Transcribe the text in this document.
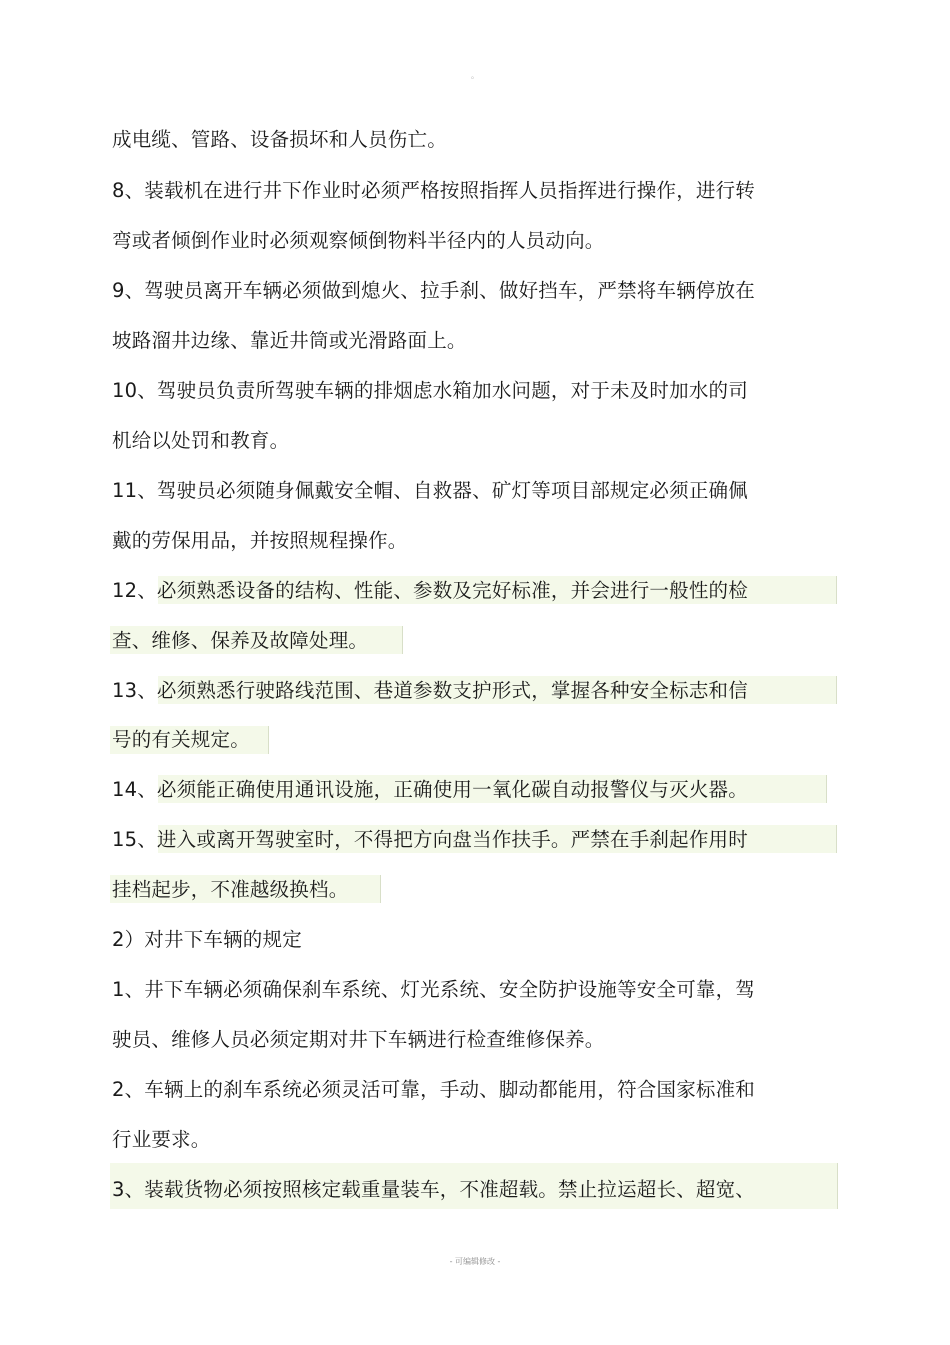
。
成电缆、管路、设备损坏和人员伤亡。
8、装载机在进行井下作业时必须严格按照指挥人员指挥进行操作，进行转
弯或者倾倒作业时必须观察倾倒物料半径内的人员动向。
9、驾驶员离开车辆必须做到熄火、拉手刹、做好挡车，严禁将车辆停放在
坡路溜井边缘、靠近井筒或光滑路面上。
10、驾驶员负责所驾驶车辆的排烟虑水箱加水问题，对于未及时加水的司
机给以处罚和教育。
11、驾驶员必须随身佩戴安全帽、自救器、矿灯等项目部规定必须正确佩
戴的劳保用品，并按照规程操作。
12、必须熟悉设备的结构、性能、参数及完好标准，并会进行一般性的检
查、维修、保养及故障处理。
13、必须熟悉行驶路线范围、巷道参数支护形式，掌握各种安全标志和信
号的有关规定。
14、必须能正确使用通讯设施，正确使用一氧化碳自动报警仪与灭火器。
15、进入或离开驾驶室时，不得把方向盘当作扶手。严禁在手刹起作用时
挂档起步，不准越级换档。
2）对井下车辆的规定
1、井下车辆必须确保刹车系统、灯光系统、安全防护设施等安全可靠，驾
驶员、维修人员必须定期对井下车辆进行检查维修保养。
2、车辆上的刹车系统必须灵活可靠，手动、脚动都能用，符合国家标准和
行业要求。
3、装载货物必须按照核定载重量装车，不准超载。禁止拉运超长、超宽、
- 可编辑修改 -
